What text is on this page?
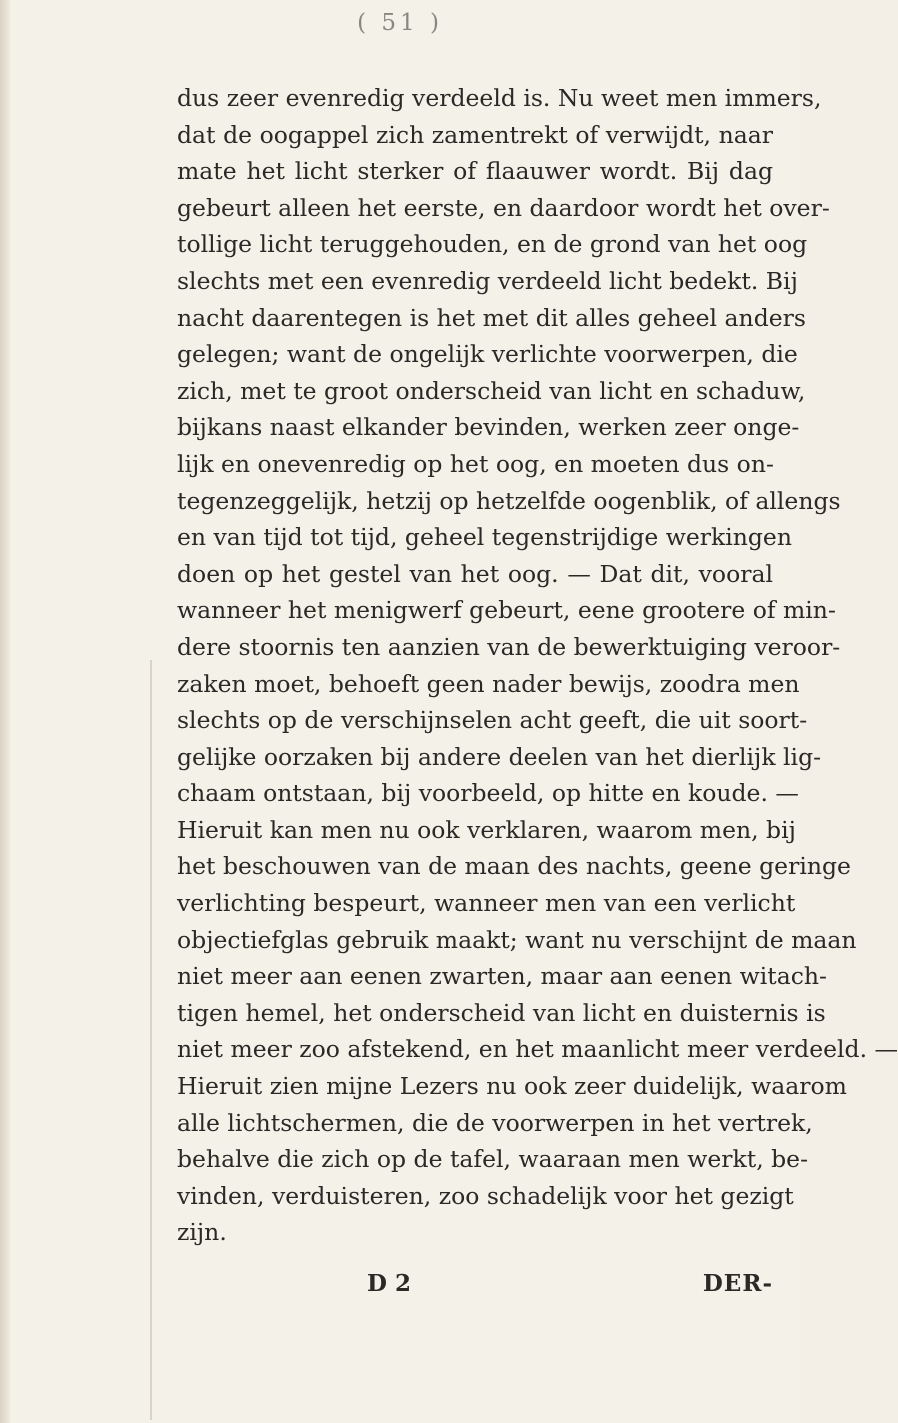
( 51 )
dus zeer evenredig verdeeld is. Nu weet men immers,
dat de oogappel zich zamentrekt of verwijdt, naar
mate het licht sterker of flaauwer wordt. Bij dag
gebeurt alleen het eerste, en daardoor wordt het over-
tollige licht teruggehouden, en de grond van het oog
slechts met een evenredig verdeeld licht bedekt. Bij
nacht daarentegen is het met dit alles geheel anders
gelegen; want de ongelijk verlichte voorwerpen, die
zich, met te groot onderscheid van licht en schaduw,
bijkans naast elkander bevinden, werken zeer onge-
lijk en onevenredig op het oog, en moeten dus on-
tegenzeggelijk, hetzij op hetzelfde oogenblik, of allengs
en van tijd tot tijd, geheel tegenstrijdige werkingen
doen op het gestel van het oog. — Dat dit, vooral
wanneer het menigwerf gebeurt, eene grootere of min-
dere stoornis ten aanzien van de bewerktuiging veroor-
zaken moet, behoeft geen nader bewijs, zoodra men
slechts op de verschijnselen acht geeft, die uit soort-
gelijke oorzaken bij andere deelen van het dierlijk lig-
chaam ontstaan, bij voorbeeld, op hitte en koude. —
Hieruit kan men nu ook verklaren, waarom men, bij
het beschouwen van de maan des nachts, geene geringe
verlichting bespeurt, wanneer men van een verlicht
objectiefglas gebruik maakt; want nu verschijnt de maan
niet meer aan eenen zwarten, maar aan eenen witach-
tigen hemel, het onderscheid van licht en duisternis is
niet meer zoo afstekend, en het maanlicht meer verdeeld. —
Hieruit zien mijne Lezers nu ook zeer duidelijk, waarom
alle lichtschermen, die de voorwerpen in het vertrek,
behalve die zich op de tafel, waaraan men werkt, be-
vinden, verduisteren, zoo schadelijk voor het gezigt
zijn.
D 2	DER-
